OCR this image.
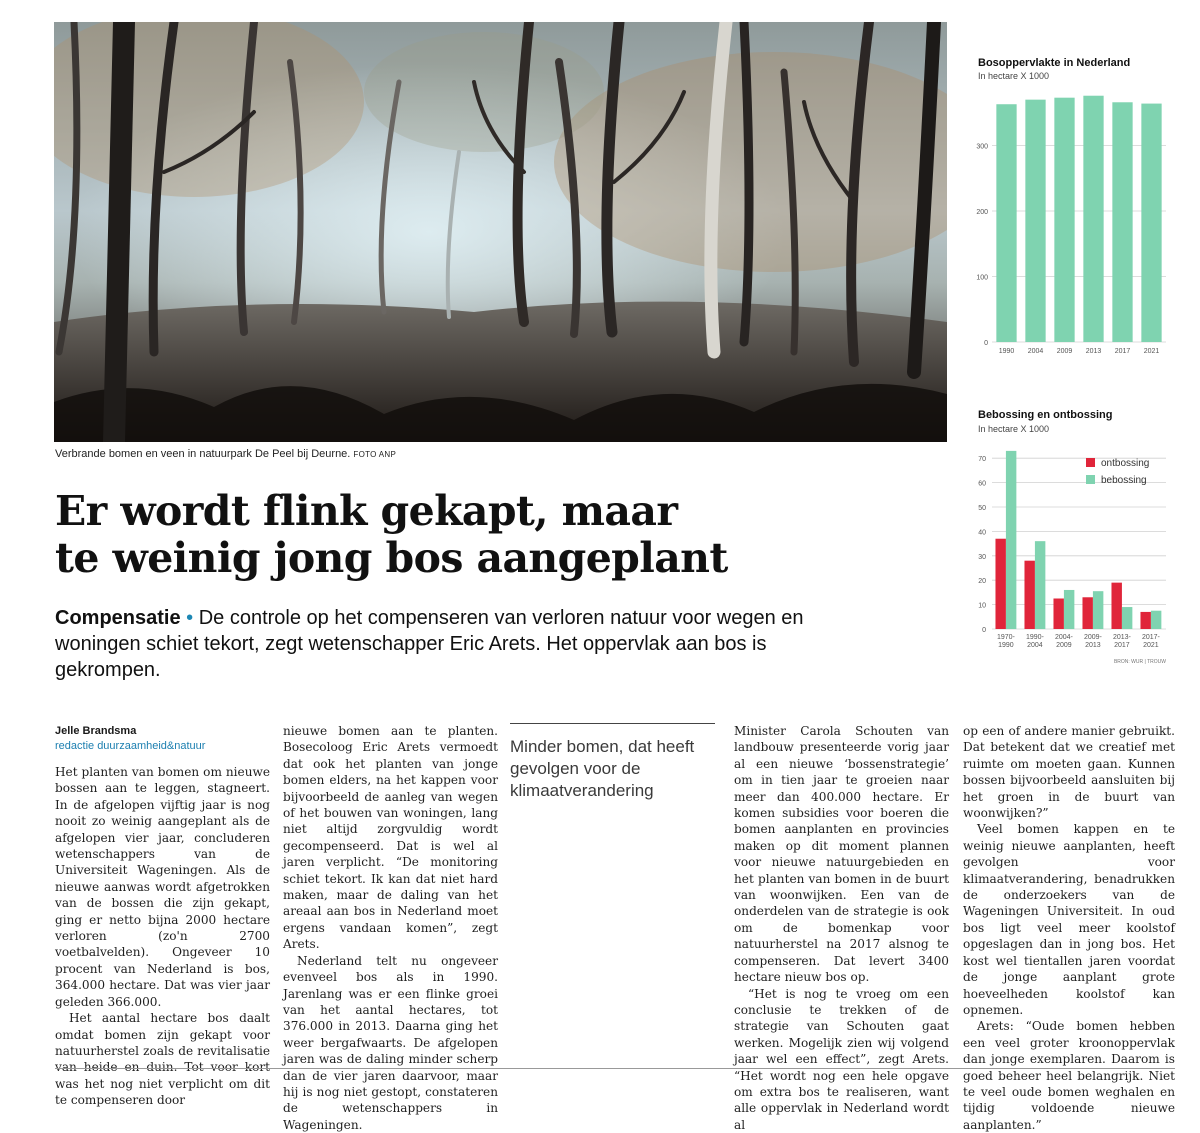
Verbrande bomen en veen in natuurpark De Peel bij Deurne. FOTO ANP
Er wordt flink gekapt, maar
te weinig jong bos aangeplant

Compensatie • De controle op het compenseren van verloren natuur voor wegen en woningen schiet tekort, zegt wetenschapper Eric Arets. Het oppervlak aan bos is gekrompen.

Jelle Brandsma
redactie duurzaamheid&natuur

Het planten van bomen om nieuwe bossen aan te leggen, stagneert. In de afgelopen vijftig jaar is nog nooit zo weinig aangeplant als de afgelopen vier jaar, concluderen wetenschappers van de Universiteit Wageningen. Als de nieuwe aanwas wordt afgetrokken van de bossen die zijn gekapt, ging er netto bijna 2000 hectare verloren (zo'n 2700 voetbalvelden). Ongeveer 10 procent van Nederland is bos, 364.000 hectare. Dat was vier jaar geleden 366.000.

Het aantal hectare bos daalt omdat bomen zijn gekapt voor natuurherstel zoals de revitalisatie van heide en duin. Tot voor kort was het nog niet verplicht om dit te compenseren door

nieuwe bomen aan te planten. Bosecoloog Eric Arets vermoedt dat ook het planten van jonge bomen elders, na het kappen voor bijvoorbeeld de aanleg van wegen of het bouwen van woningen, lang niet altijd zorgvuldig wordt gecompenseerd. Dat is wel al jaren verplicht. “De monitoring schiet tekort. Ik kan dat niet hard maken, maar de daling van het areaal aan bos in Nederland moet ergens vandaan komen”, zegt Arets.

Nederland telt nu ongeveer evenveel bos als in 1990. Jarenlang was er een flinke groei van het aantal hectares, tot 376.000 in 2013. Daarna ging het weer bergafwaarts. De afgelopen jaren was de daling minder scherp dan de vier jaren daarvoor, maar hij is nog niet gestopt, constateren de wetenschappers in Wageningen.

Minder bomen, dat heeft gevolgen voor de klimaatverandering

Minister Carola Schouten van landbouw presenteerde vorig jaar al een nieuwe ‘bossenstrategie’ om in tien jaar te groeien naar meer dan 400.000 hectare. Er komen subsidies voor boeren die bomen aanplanten en provincies maken op dit moment plannen voor nieuwe natuurgebieden en het planten van bomen in de buurt van woonwijken. Een van de onderdelen van de strategie is ook om de bomenkap voor natuurherstel na 2017 alsnog te compenseren. Dat levert 3400 hectare nieuw bos op.

“Het is nog te vroeg om een conclusie te trekken of de strategie van Schouten gaat werken. Mogelijk zien wij volgend jaar wel een effect”, zegt Arets. “Het wordt nog een hele opgave om extra bos te realiseren, want alle oppervlak in Nederland wordt al

op een of andere manier gebruikt. Dat betekent dat we creatief met ruimte om moeten gaan. Kunnen bossen bijvoorbeeld aansluiten bij het groen in de buurt van woonwijken?”

Veel bomen kappen en te weinig nieuwe aanplanten, heeft gevolgen voor klimaatverandering, benadrukken de onderzoekers van de Wageningen Universiteit. In oud bos ligt veel meer koolstof opgeslagen dan in jong bos. Het kost wel tientallen jaren voordat de jonge aanplant grote hoeveelheden koolstof kan opnemen.

Arets: “Oude bomen hebben een veel groter kroonoppervlak dan jonge exemplaren. Daarom is goed beheer heel belangrijk. Niet te veel oude bomen weghalen en tijdig voldoende nieuwe aanplanten.”

Bosoppervlakte in Nederland
In hectare X 1000
0
100
200
300
1990 2004 2009 2013 2017 2021
Bebossing en ontbossing
In hectare X 1000
0
10
20
30
40
50
60
70
1970-1990
1990-2004
2004-2009
2009-2013
2013-2017
2017-2021
ontbossing
bebossing
BRON: WUR | TROUW
